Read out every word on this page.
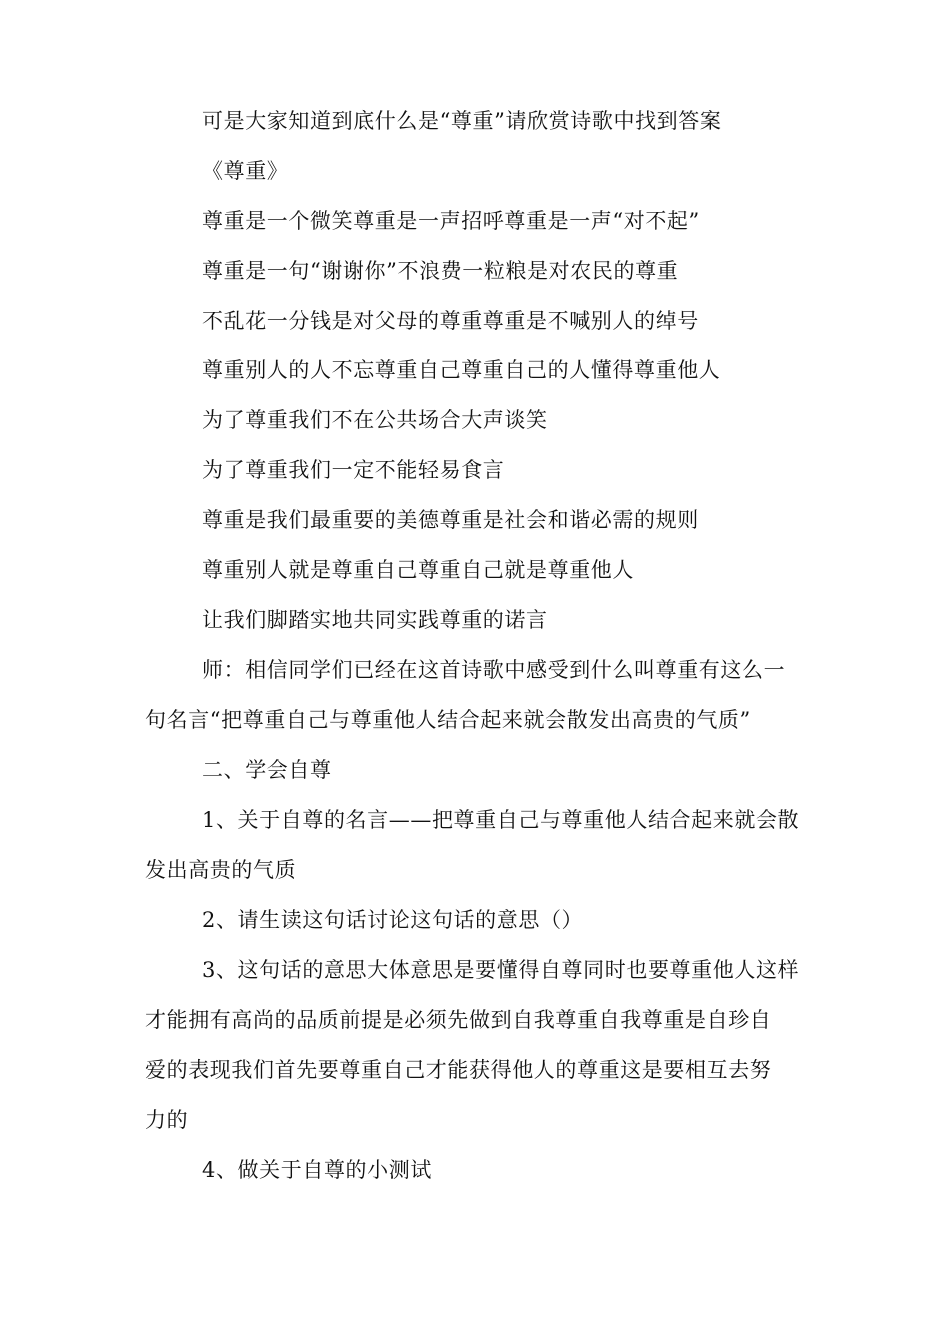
可是大家知道到底什么是“尊重”请欣赏诗歌中找到答案
《尊重》
尊重是一个微笑尊重是一声招呼尊重是一声“对不起”
尊重是一句“谢谢你”不浪费一粒粮是对农民的尊重
不乱花一分钱是对父母的尊重尊重是不喊别人的绰号
尊重别人的人不忘尊重自己尊重自己的人懂得尊重他人
为了尊重我们不在公共场合大声谈笑
为了尊重我们一定不能轻易食言
尊重是我们最重要的美德尊重是社会和谐必需的规则
尊重别人就是尊重自己尊重自己就是尊重他人
让我们脚踏实地共同实践尊重的诺言
师：相信同学们已经在这首诗歌中感受到什么叫尊重有这么一
句名言“把尊重自己与尊重他人结合起来就会散发出高贵的气质”
二、学会自尊
1、关于自尊的名言——把尊重自己与尊重他人结合起来就会散
发出高贵的气质
2、请生读这句话讨论这句话的意思（）
3、这句话的意思大体意思是要懂得自尊同时也要尊重他人这样
才能拥有高尚的品质前提是必须先做到自我尊重自我尊重是自珍自
爱的表现我们首先要尊重自己才能获得他人的尊重这是要相互去努
力的
4、做关于自尊的小测试
